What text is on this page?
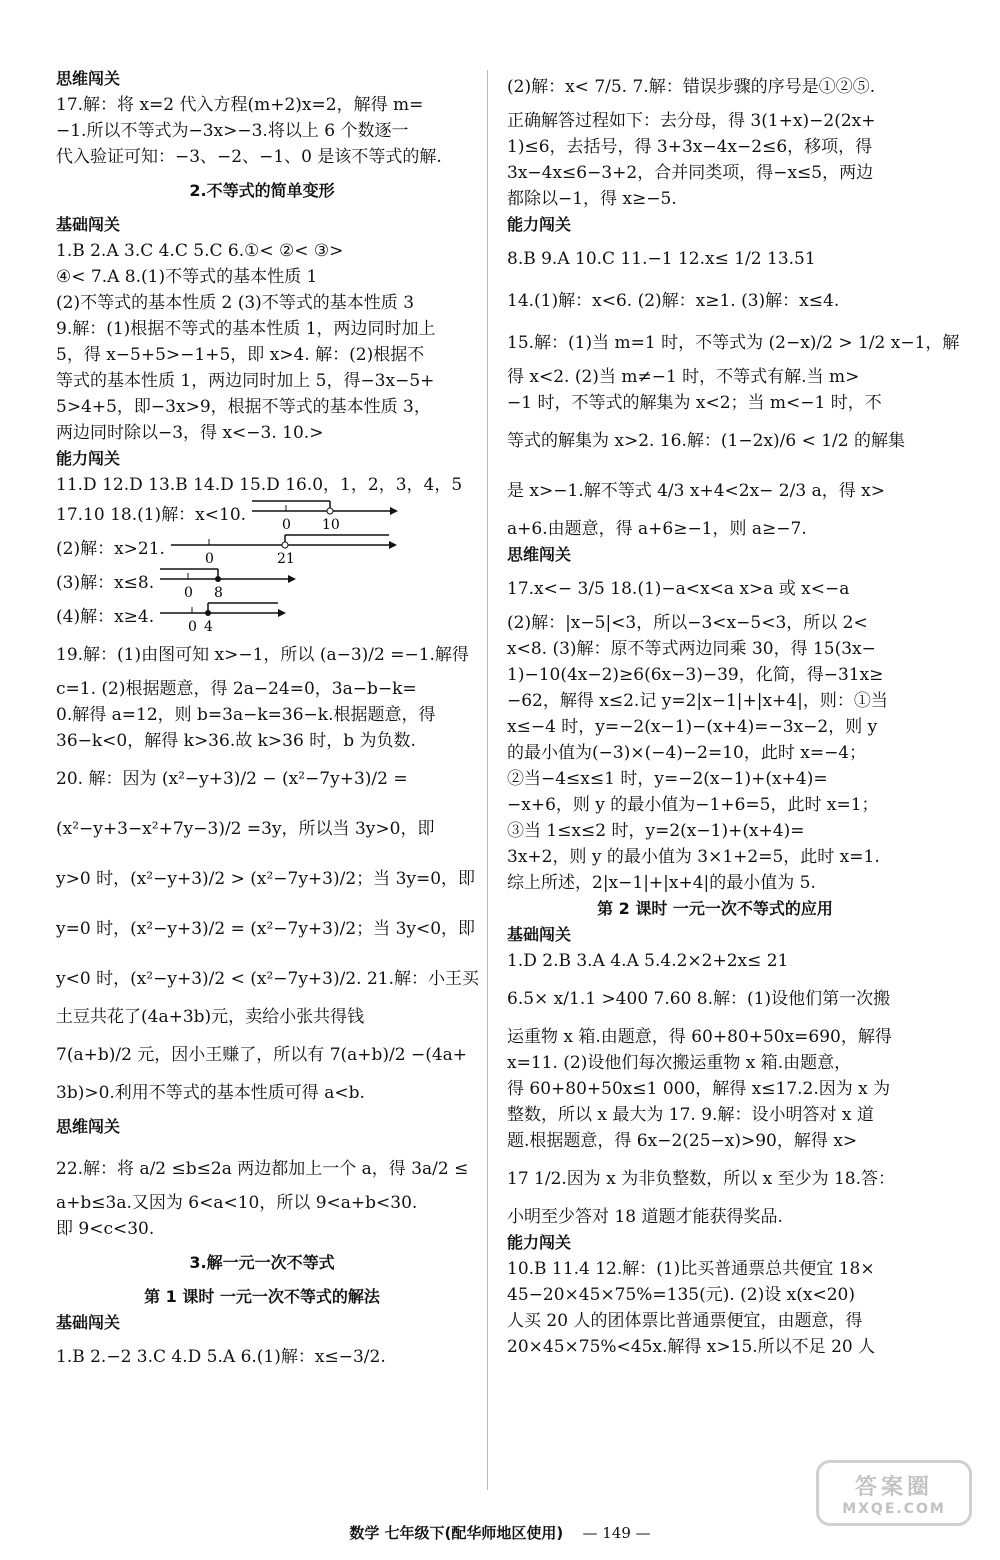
思维闯关
17.解：将 x=2 代入方程(m+2)x=2，解得 m=
−1.所以不等式为−3x>−3.将以上 6 个数逐一
代入验证可知：−3、−2、−1、0 是该不等式的解.
2.不等式的简单变形
基础闯关
1.B 2.A 3.C 4.C 5.C 6.①< ②< ③>
④< 7.A 8.(1)不等式的基本性质 1
(2)不等式的基本性质 2 (3)不等式的基本性质 3
9.解：(1)根据不等式的基本性质 1，两边同时加上
5，得 x−5+5>−1+5，即 x>4. 解：(2)根据不
等式的基本性质 1，两边同时加上 5，得−3x−5+
5>4+5，即−3x>9，根据不等式的基本性质 3，
两边同时除以−3，得 x<−3. 10.>
能力闯关
11.D 12.D 13.B 14.D 15.D 16.0，1，2，3，4，5
17.10 18.(1)解：x<10.	0 10
(2)解：x>21.	0	21
(3)解：x≤8. 0 8
(4)解：x≥4. 0 4
19.解：(1)由图可知 x>−1，所以 (a−3)/2 =−1.解得
c=1. (2)根据题意，得 2a−24=0，3a−b−k=
0.解得 a=12，则 b=3a−k=36−k.根据题意，得
36−k<0，解得 k>36.故 k>36 时，b 为负数.
20. 解：因为 (x²−y+3)/2 − (x²−7y+3)/2 =
(x²−y+3−x²+7y−3)/2 =3y，所以当 3y>0，即
y>0 时，(x²−y+3)/2 > (x²−7y+3)/2；当 3y=0，即
y=0 时，(x²−y+3)/2 = (x²−7y+3)/2；当 3y<0，即
y<0 时，(x²−y+3)/2 < (x²−7y+3)/2. 21.解：小王买
土豆共花了(4a+3b)元，卖给小张共得钱
7(a+b)/2 元，因小王赚了，所以有 7(a+b)/2 −(4a+
3b)>0.利用不等式的基本性质可得 a<b.
思维闯关
22.解：将 a/2 ≤b≤2a 两边都加上一个 a，得 3a/2 ≤
a+b≤3a.又因为 6<a<10，所以 9<a+b<30.
即 9<c<30.
3.解一元一次不等式
第 1 课时 一元一次不等式的解法
基础闯关
1.B 2.−2 3.C 4.D 5.A 6.(1)解：x≤−3/2.
(2)解：x< 7/5. 7.解：错误步骤的序号是①②⑤.
正确解答过程如下：去分母，得 3(1+x)−2(2x+
1)≤6，去括号，得 3+3x−4x−2≤6，移项，得
3x−4x≤6−3+2，合并同类项，得−x≤5，两边
都除以−1，得 x≥−5.
能力闯关
8.B 9.A 10.C 11.−1 12.x≤ 1/2 13.51
14.(1)解：x<6. (2)解：x≥1. (3)解：x≤4.
15.解：(1)当 m=1 时，不等式为 (2−x)/2 > 1/2 x−1，解
得 x<2. (2)当 m≠−1 时，不等式有解.当 m>
−1 时，不等式的解集为 x<2；当 m<−1 时，不
等式的解集为 x>2. 16.解：(1−2x)/6 < 1/2 的解集
是 x>−1.解不等式 4/3 x+4<2x− 2/3 a，得 x>
a+6.由题意，得 a+6≥−1，则 a≥−7.
思维闯关
17.x<− 3/5 18.(1)−a<x<a x>a 或 x<−a
(2)解：|x−5|<3，所以−3<x−5<3，所以 2<
x<8. (3)解：原不等式两边同乘 30，得 15(3x−
1)−10(4x−2)≥6(6x−3)−39，化简，得−31x≥
−62，解得 x≤2.记 y=2|x−1|+|x+4|，则：①当
x≤−4 时，y=−2(x−1)−(x+4)=−3x−2，则 y
的最小值为(−3)×(−4)−2=10，此时 x=−4；
②当−4≤x≤1 时，y=−2(x−1)+(x+4)=
−x+6，则 y 的最小值为−1+6=5，此时 x=1；
③当 1≤x≤2 时，y=2(x−1)+(x+4)=
3x+2，则 y 的最小值为 3×1+2=5，此时 x=1.
综上所述，2|x−1|+|x+4|的最小值为 5.
第 2 课时 一元一次不等式的应用
基础闯关
1.D 2.B 3.A 4.A 5.4.2×2+2x≤ 21
6.5× x/1.1 >400 7.60 8.解：(1)设他们第一次搬
运重物 x 箱.由题意，得 60+80+50x=690，解得
x=11. (2)设他们每次搬运重物 x 箱.由题意，
得 60+80+50x≤1 000，解得 x≤17.2.因为 x 为
整数，所以 x 最大为 17. 9.解：设小明答对 x 道
题.根据题意，得 6x−2(25−x)>90，解得 x>
17 1/2.因为 x 为非负整数，所以 x 至少为 18.答：
小明至少答对 18 道题才能获得奖品.
能力闯关
10.B 11.4 12.解：(1)比买普通票总共便宜 18×
45−20×45×75%=135(元). (2)设 x(x<20)
人买 20 人的团体票比普通票便宜，由题意，得
20×45×75%<45x.解得 x>15.所以不足 20 人
数学 七年级下(配华师地区使用) — 149 —
答案圈
MXQE.COM
